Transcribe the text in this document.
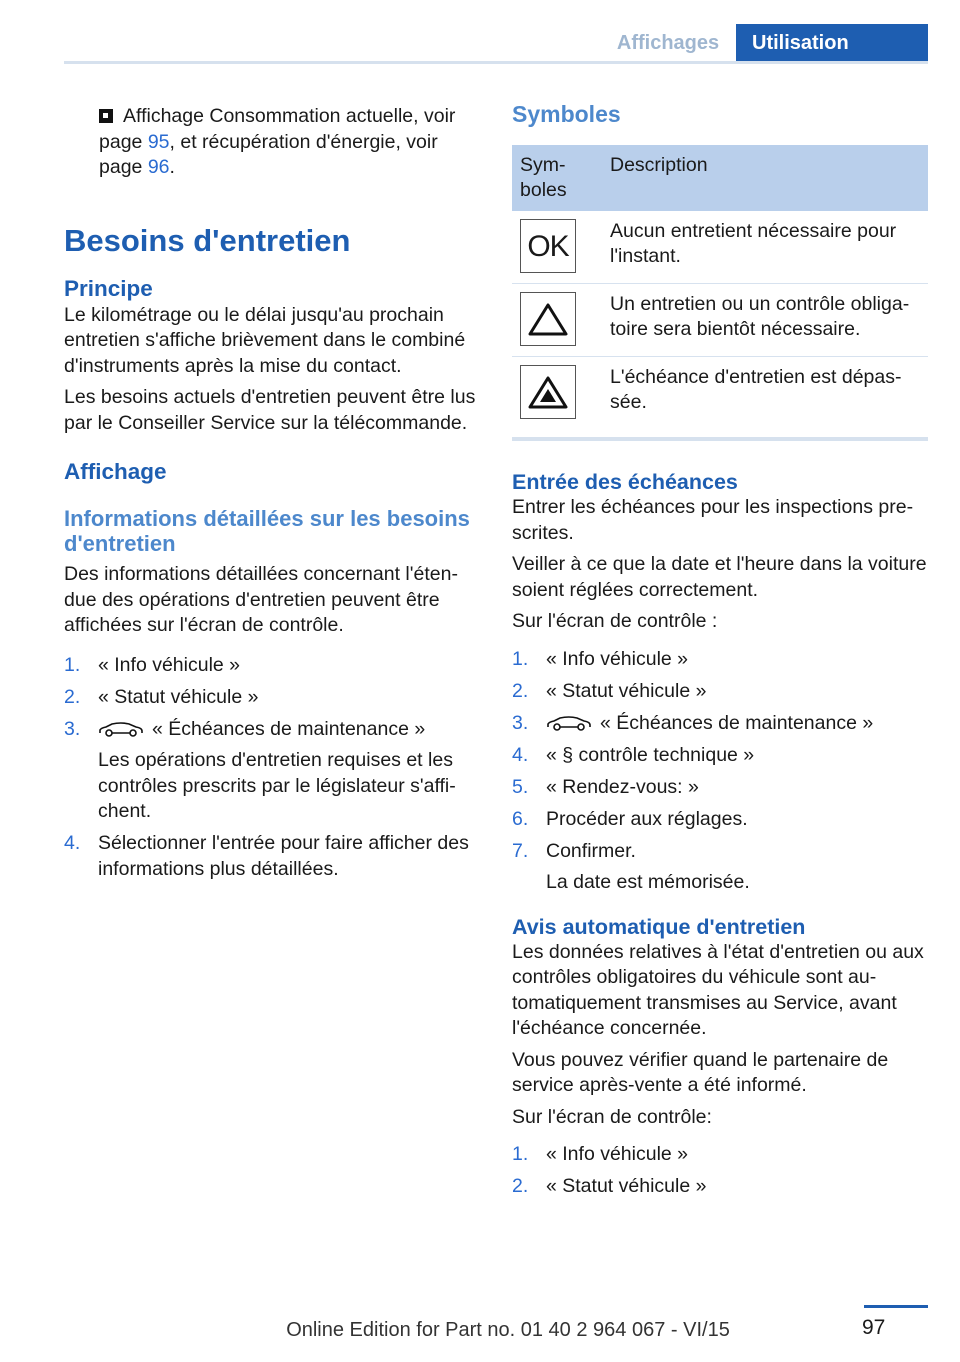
Affichages	Utilisation

Affichage Consommation actuelle, voir page 95, et récupération d'énergie, voir page 96.

Besoins d'entretien
Principe

Le kilométrage ou le délai jusqu'au prochain entretien s'affiche brièvement dans le combiné d'instruments après la mise du contact.

Les besoins actuels d'entretien peuvent être lus par le Conseiller Service sur la télécommande.

Affichage
Informations détaillées sur les besoins d'entretien

Des informations détaillées concernant l'étendue des opérations d'entretien peuvent être affichées sur l'écran de contrôle.

1. « Info véhicule »
2. « Statut véhicule »
3.	« Échéances de maintenance »
Les opérations d'entretien requises et les contrôles prescrits par le législateur s'affichent.
4. Sélectionner l'entrée pour faire afficher des informations plus détaillées.
Symboles
Symboles	Description

OK	Aucun entretient nécessaire pour l'instant.

	Un entretien ou un contrôle obligatoire sera bientôt nécessaire.

	L'échéance d'entretien est dépassée.
Entrée des échéances

Entrer les échéances pour les inspections prescrites.

Veiller à ce que la date et l'heure dans la voiture soient réglées correctement.

Sur l'écran de contrôle :

1. « Info véhicule »
2. « Statut véhicule »
3.	« Échéances de maintenance »
4. « § contrôle technique »
5. « Rendez-vous: »
6. Procéder aux réglages.
7. Confirmer.
La date est mémorisée.
Avis automatique d'entretien

Les données relatives à l'état d'entretien ou aux contrôles obligatoires du véhicule sont automatiquement transmises au Service, avant l'échéance concernée.

Vous pouvez vérifier quand le partenaire de service après-vente a été informé.

Sur l'écran de contrôle:

1. « Info véhicule »
2. « Statut véhicule »
97
Online Edition for Part no. 01 40 2 964 067 - VI/15
